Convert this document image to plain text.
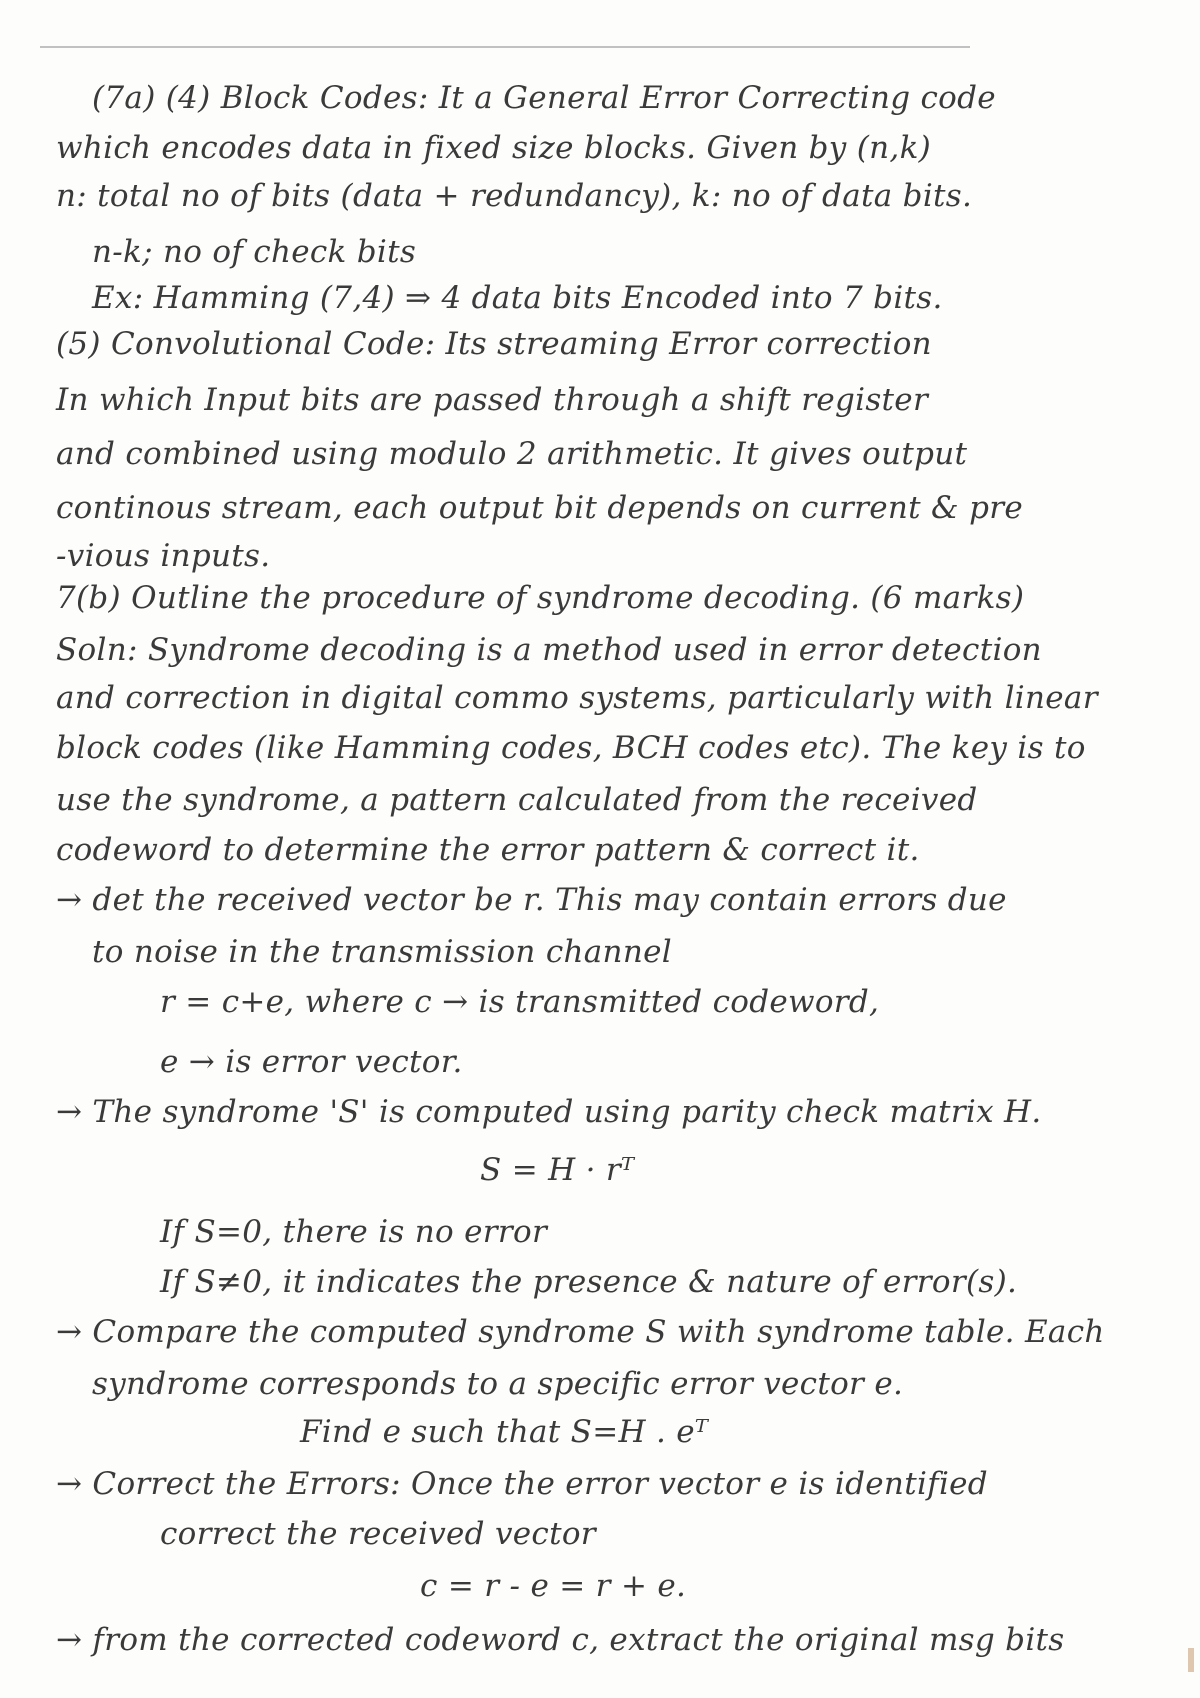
(7a) (4) Block Codes: It a General Error Correcting code
which encodes data in fixed size blocks. Given by (n,k)
n: total no of bits (data + redundancy), k: no of data bits.
n-k; no of check bits
Ex: Hamming (7,4) ⇒ 4 data bits Encoded into 7 bits.
(5) Convolutional Code: Its streaming Error correction
In which Input bits are passed through a shift register
and combined using modulo 2 arithmetic. It gives output
continous stream, each output bit depends on current & pre
-vious inputs.
7(b) Outline the procedure of syndrome decoding. (6 marks)
Soln: Syndrome decoding is a method used in error detection
and correction in digital commo systems, particularly with linear
block codes (like Hamming codes, BCH codes etc). The key is to
use the syndrome, a pattern calculated from the received
codeword to determine the error pattern & correct it.
→ det the received vector be r. This may contain errors due
to noise in the transmission channel
r = c+e, where c → is transmitted codeword,
e → is error vector.
→ The syndrome 'S' is computed using parity check matrix H.
S = H · rᵀ
If S=0, there is no error
If S≠0, it indicates the presence & nature of error(s).
→ Compare the computed syndrome S with syndrome table. Each
syndrome corresponds to a specific error vector e.
Find e such that S=H . eᵀ
→ Correct the Errors: Once the error vector e is identified
correct the received vector
c = r - e = r + e.
→ from the corrected codeword c, extract the original msg bits
